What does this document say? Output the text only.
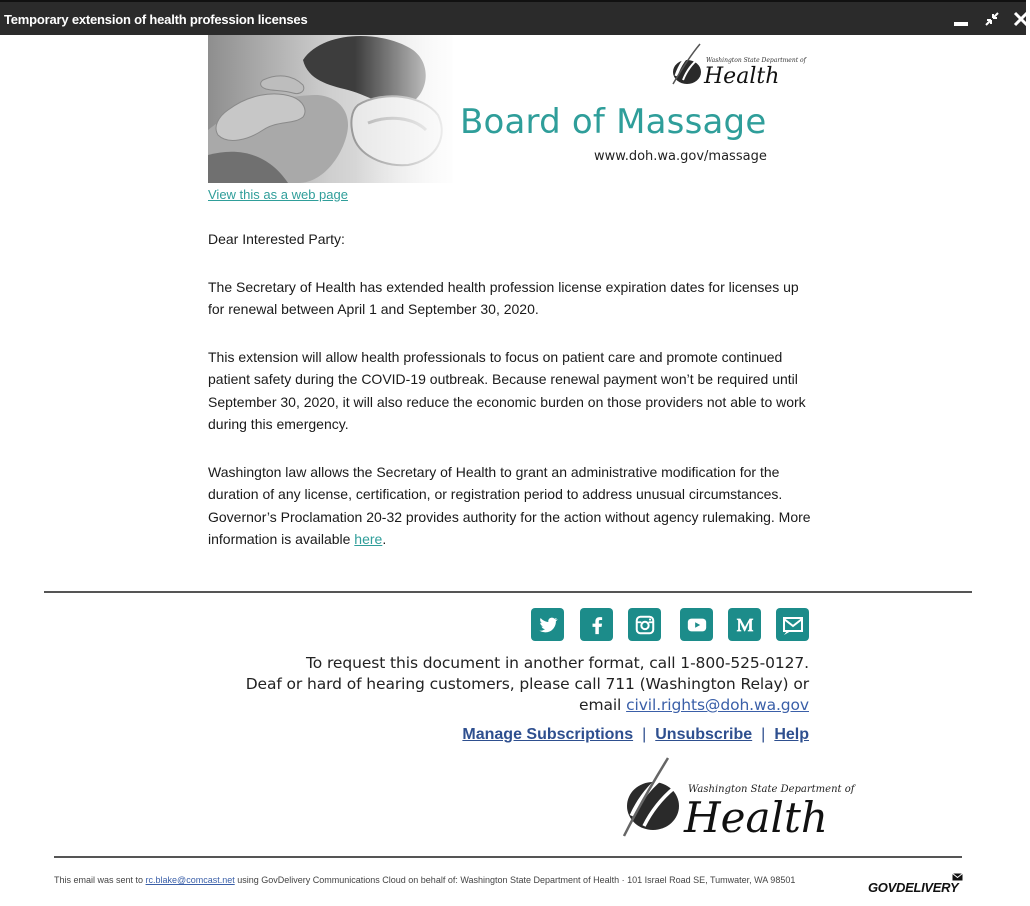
Temporary extension of health profession licenses
Washington State Department of
Health
Board of Massage
www.doh.wa.gov/massage
View this as a web page

Dear Interested Party:

The Secretary of Health has extended health profession license expiration dates for licenses up for renewal between April 1 and September 30, 2020.

This extension will allow health professionals to focus on patient care and promote continued patient safety during the COVID-19 outbreak. Because renewal payment won’t be required until September 30, 2020, it will also reduce the economic burden on those providers not able to work during this emergency.

Washington law allows the Secretary of Health to grant an administrative modification for the duration of any license, certification, or registration period to address unusual circumstances. Governor’s Proclamation 20-32 provides authority for the action without agency rulemaking. More information is available here.

To request this document in another format, call 1-800-525-0127.
Deaf or hard of hearing customers, please call 711 (Washington Relay) or
email civil.rights@doh.wa.gov
Manage Subscriptions | Unsubscribe | Help
Washington State Department of
Health
This email was sent to rc.blake@comcast.net using GovDelivery Communications Cloud on behalf of: Washington State Department of Health · 101 Israel Road SE, Tumwater, WA 98501	GOVDELIVERY
